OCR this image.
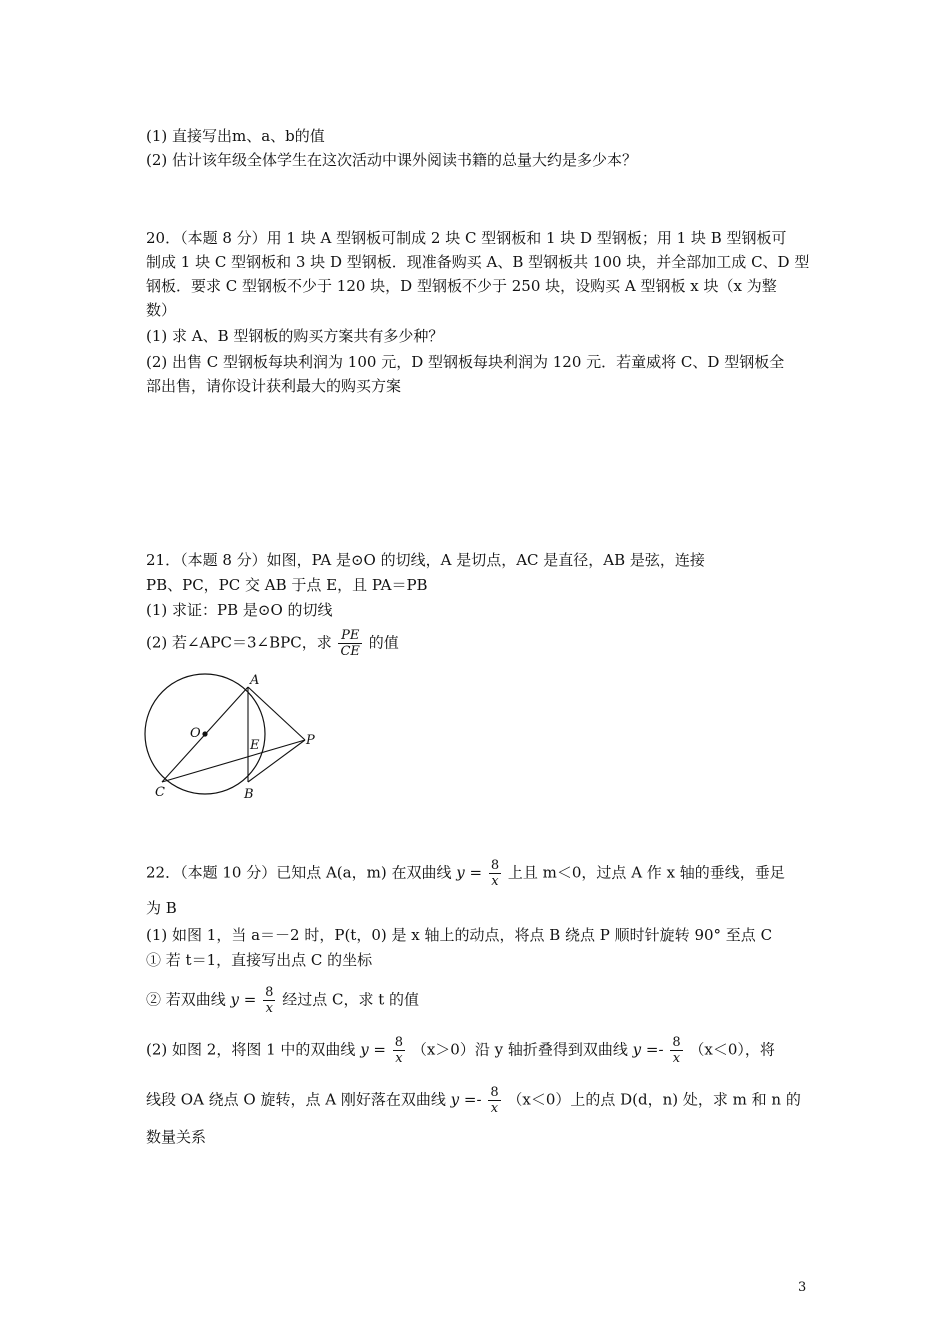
(1) 直接写出m、a、b的值
(2) 估计该年级全体学生在这次活动中课外阅读书籍的总量大约是多少本？
20．（本题 8 分）用 1 块 A 型钢板可制成 2 块 C 型钢板和 1 块 D 型钢板；用 1 块 B 型钢板可
制成 1 块 C 型钢板和 3 块 D 型钢板．现准备购买 A、B 型钢板共 100 块，并全部加工成 C、D 型
钢板．要求 C 型钢板不少于 120 块，D 型钢板不少于 250 块，设购买 A 型钢板 x 块（x 为整
数）
(1) 求 A、B 型钢板的购买方案共有多少种？
(2) 出售 C 型钢板每块利润为 100 元，D 型钢板每块利润为 120 元．若童威将 C、D 型钢板全
部出售，请你设计获利最大的购买方案
21．（本题 8 分）如图，PA 是⊙O 的切线，A 是切点，AC 是直径，AB 是弦，连接
PB、PC，PC 交 AB 于点 E，且 PA＝PB
(1) 求证：PB 是⊙O 的切线
(2) 若∠APC＝3∠BPC，求 $\frac{PE}{CE}$ 的值
A
O
E	P
C	B
22．（本题 10 分）已知点 A(a，m) 在双曲线 $y = \frac{8}{x}$ 上且 m＜0，过点 A 作 x 轴的垂线，垂足
为 B
(1) 如图 1，当 a＝－2 时，P(t，0) 是 x 轴上的动点，将点 B 绕点 P 顺时针旋转 90° 至点 C
① 若 t＝1，直接写出点 C 的坐标
② 若双曲线 $y = \frac{8}{x}$ 经过点 C，求 t 的值
(2) 如图 2，将图 1 中的双曲线 $y = \frac{8}{x} (x>0)$沿 y 轴折叠得到双曲线 $y =- \frac{8}{x} (x<0)$，将
线段 OA 绕点 O 旋转，点 A 刚好落在双曲线 $y =- \frac{8}{x} (x<0)$上的点 D(d，n) 处，求 m 和 n 的
数量关系
3
